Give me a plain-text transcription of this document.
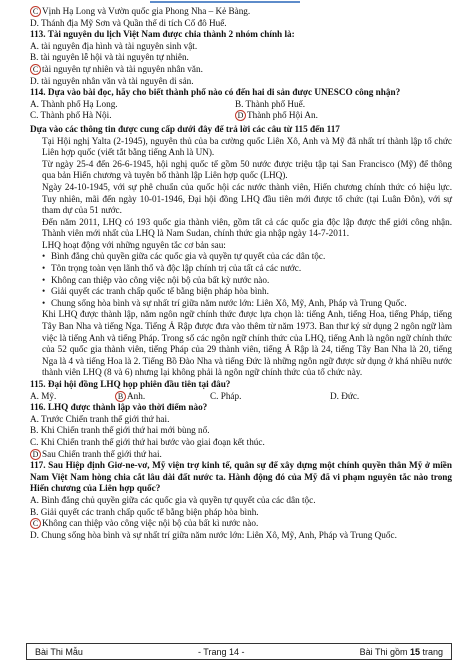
C Vịnh Hạ Long và Vườn quốc gia Phong Nha – Kẻ Bàng.
D. Thánh địa Mỹ Sơn và Quần thể di tích Cố đô Huế.
113. Tài nguyên du lịch Việt Nam được chia thành 2 nhóm chính là:
A. tài nguyên địa hình và tài nguyên sinh vật.
B. tài nguyên lễ hội và tài nguyên tự nhiên.
C tài nguyên tự nhiên và tài nguyên nhân văn.
D. tài nguyên nhân văn và tài nguyên di sản.
114. Dựa vào bài đọc, hãy cho biết thành phố nào có đến hai di sản được UNESCO công nhận?
A. Thành phố Hạ Long.	B. Thành phố Huế.
C. Thành phố Hà Nội.	D Thành phố Hội An.
Dựa vào các thông tin được cung cấp dưới đây để trả lời các câu từ 115 đến 117
Tại Hội nghị Yalta (2-1945), nguyên thủ của ba cường quốc Liên Xô, Anh và Mỹ đã nhất trí thành lập tổ chức Liên hợp quốc (viết tắt bằng tiếng Anh là UN).
Từ ngày 25-4 đến 26-6-1945, hội nghị quốc tế gồm 50 nước được triệu tập tại San Francisco (Mỹ) để thông qua bản Hiến chương và tuyên bố thành lập Liên hợp quốc (LHQ).
Ngày 24-10-1945, với sự phê chuẩn của quốc hội các nước thành viên, Hiến chương chính thức có hiệu lực. Tuy nhiên, mãi đến ngày 10-01-1946, Đại hội đồng LHQ đầu tiên mới được tổ chức (tại Luân Đôn), với sự tham dự của 51 nước.
Đến năm 2011, LHQ có 193 quốc gia thành viên, gồm tất cả các quốc gia độc lập được thế giới công nhận. Thành viên mới nhất của LHQ là Nam Sudan, chính thức gia nhập ngày 14-7-2011.
LHQ hoạt động với những nguyên tắc cơ bản sau:
• Bình đẳng chủ quyền giữa các quốc gia và quyền tự quyết của các dân tộc.
• Tôn trọng toàn vẹn lãnh thổ và độc lập chính trị của tất cả các nước.
• Không can thiệp vào công việc nội bộ của bất kỳ nước nào.
• Giải quyết các tranh chấp quốc tế bằng biện pháp hòa bình.
• Chung sống hòa bình và sự nhất trí giữa năm nước lớn: Liên Xô, Mỹ, Anh, Pháp và Trung Quốc.
Khi LHQ được thành lập, năm ngôn ngữ chính thức được lựa chọn là: tiếng Anh, tiếng Hoa, tiếng Pháp, tiếng Tây Ban Nha và tiếng Nga. Tiếng Ả Rập được đưa vào thêm từ năm 1973. Ban thư ký sử dụng 2 ngôn ngữ làm việc là tiếng Anh và tiếng Pháp. Trong số các ngôn ngữ chính thức của LHQ, tiếng Anh là ngôn ngữ chính thức của 52 quốc gia thành viên, tiếng Pháp của 29 thành viên, tiếng Ả Rập là 24, tiếng Tây Ban Nha là 20, tiếng Nga là 4 và tiếng Hoa là 2. Tiếng Bồ Đào Nha và tiếng Đức là những ngôn ngữ được sử dụng ở khá nhiều nước thành viên LHQ (8 và 6) nhưng lại không phải là ngôn ngữ chính thức của tổ chức này.
115. Đại hội đồng LHQ họp phiên đầu tiên tại đâu?
A. Mỹ.	B Anh.	C. Pháp.	D. Đức.
116. LHQ được thành lập vào thời điểm nào?
A. Trước Chiến tranh thế giới thứ hai.
B. Khi Chiến tranh thế giới thứ hai mới bùng nổ.
C. Khi Chiến tranh thế giới thứ hai bước vào giai đoạn kết thúc.
D Sau Chiến tranh thế giới thứ hai.
117. Sau Hiệp định Giơ-ne-vơ, Mỹ viện trợ kinh tế, quân sự để xây dựng một chính quyền thân Mỹ ở miền Nam Việt Nam hòng chia cắt lâu dài đất nước ta. Hành động đó của Mỹ đã vi phạm nguyên tắc nào trong Hiến chương của Liên hợp quốc?
A. Bình đẳng chủ quyền giữa các quốc gia và quyền tự quyết của các dân tộc.
B. Giải quyết các tranh chấp quốc tế bằng biện pháp hòa bình.
C Không can thiệp vào công việc nội bộ của bất kì nước nào.
D. Chung sống hòa bình và sự nhất trí giữa năm nước lớn: Liên Xô, Mỹ, Anh, Pháp và Trung Quốc.
Bài Thi Mẫu	- Trang 14 -	Bài Thi gồm 15 trang
